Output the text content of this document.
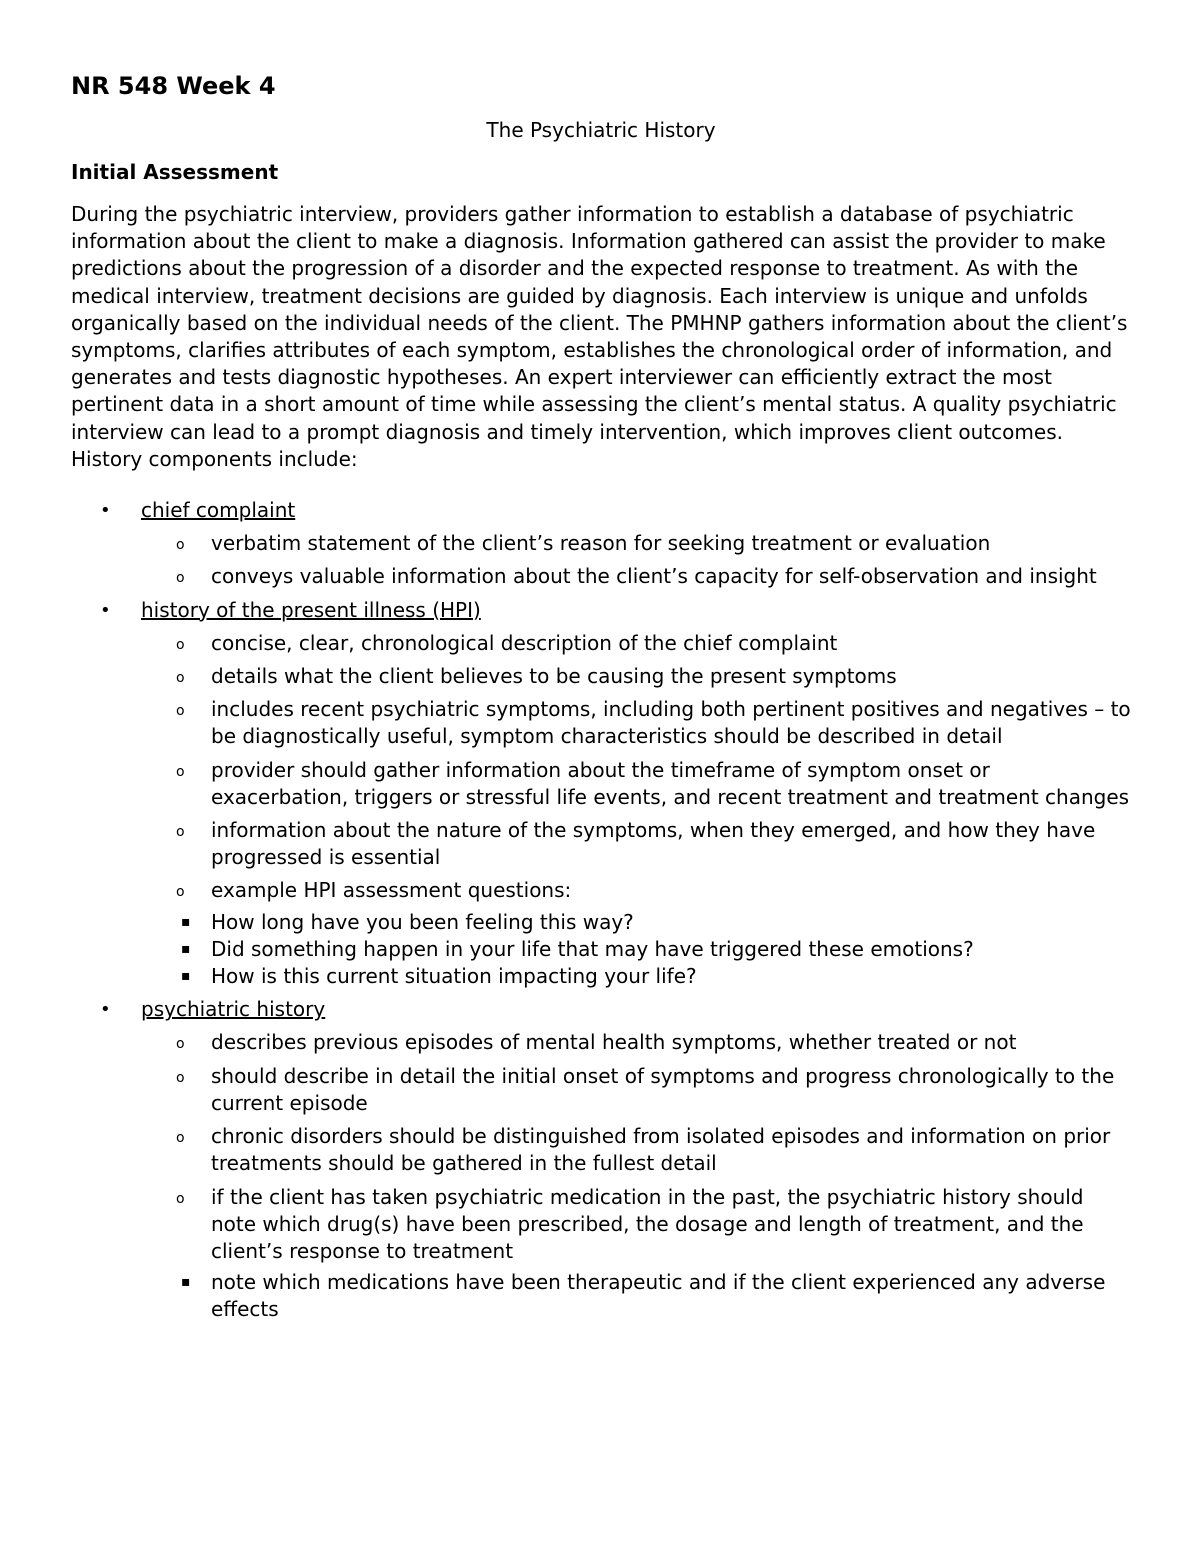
NR 548 Week 4
The Psychiatric History
Initial Assessment

During the psychiatric interview, providers gather information to establish a database of psychiatric information about the client to make a diagnosis. Information gathered can assist the provider to make predictions about the progression of a disorder and the expected response to treatment. As with the medical interview, treatment decisions are guided by diagnosis. Each interview is unique and unfolds organically based on the individual needs of the client. The PMHNP gathers information about the client’s symptoms, clarifies attributes of each symptom, establishes the chronological order of information, and generates and tests diagnostic hypotheses. An expert interviewer can efficiently extract the most pertinent data in a short amount of time while assessing the client’s mental status. A quality psychiatric interview can lead to a prompt diagnosis and timely intervention, which improves client outcomes. History components include:

• chief complaint
o verbatim statement of the client’s reason for seeking treatment or evaluation
o conveys valuable information about the client’s capacity for self-observation and insight
• history of the present illness (HPI)
o concise, clear, chronological description of the chief complaint
o details what the client believes to be causing the present symptoms
o includes recent psychiatric symptoms, including both pertinent positives and negatives – to be diagnostically useful, symptom characteristics should be described in detail
o provider should gather information about the timeframe of symptom onset or exacerbation, triggers or stressful life events, and recent treatment and treatment changes
o information about the nature of the symptoms, when they emerged, and how they have progressed is essential
o example HPI assessment questions:
▪ How long have you been feeling this way?
▪ Did something happen in your life that may have triggered these emotions?
▪ How is this current situation impacting your life?
• psychiatric history
o describes previous episodes of mental health symptoms, whether treated or not
o should describe in detail the initial onset of symptoms and progress chronologically to the current episode
o chronic disorders should be distinguished from isolated episodes and information on prior treatments should be gathered in the fullest detail
o if the client has taken psychiatric medication in the past, the psychiatric history should note which drug(s) have been prescribed, the dosage and length of treatment, and the client’s response to treatment
▪ note which medications have been therapeutic and if the client experienced any adverse effects
